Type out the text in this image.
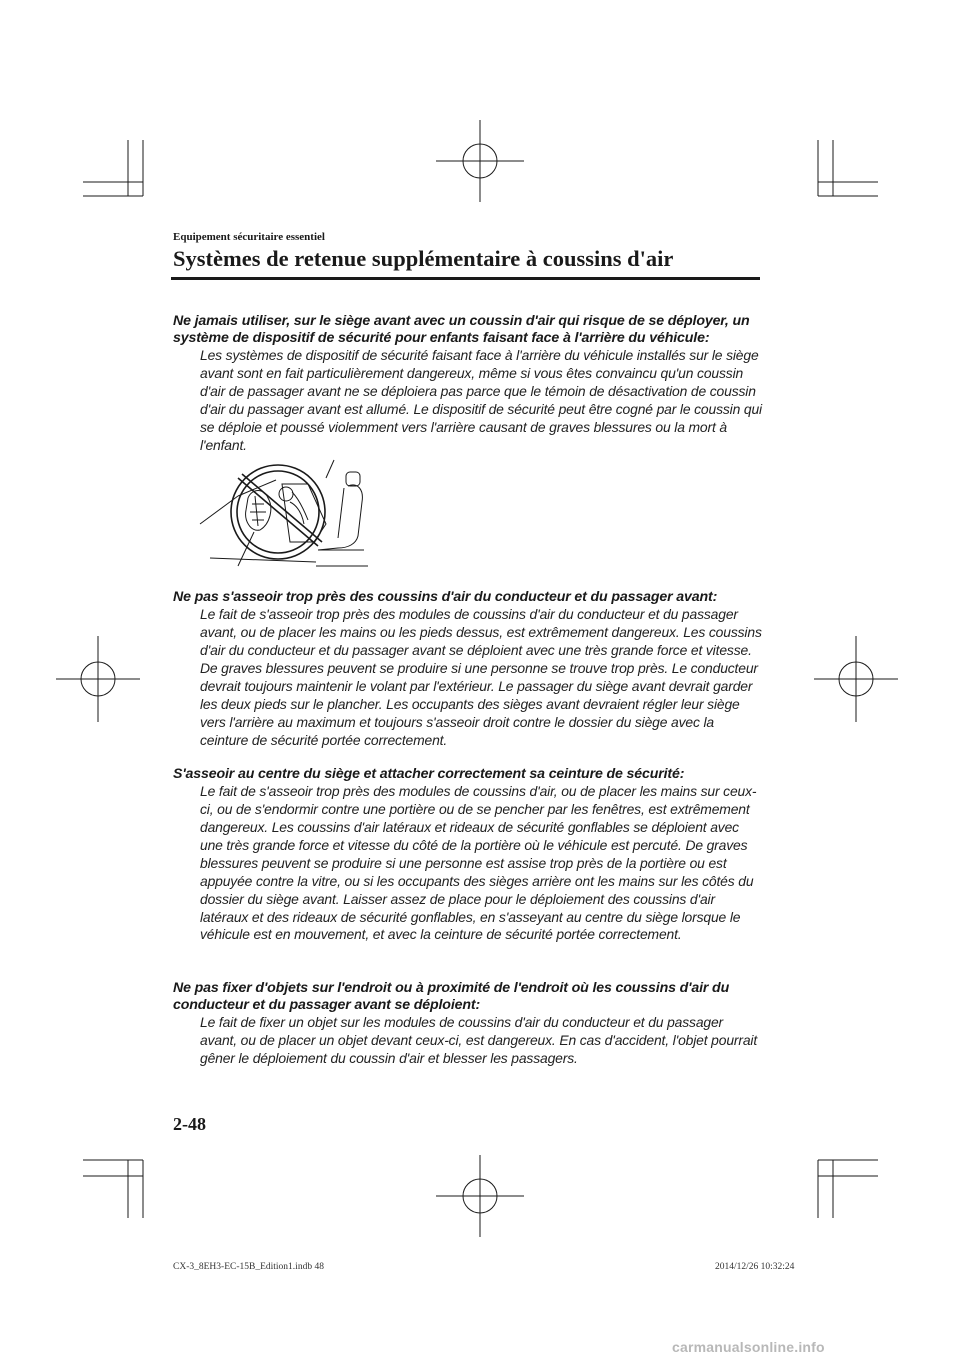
Equipement sécuritaire essentiel
Systèmes de retenue supplémentaire à coussins d'air

Ne jamais utiliser, sur le siège avant avec un coussin d'air qui risque de se déployer, un système de dispositif de sécurité pour enfants faisant face à l'arrière du véhicule:

Les systèmes de dispositif de sécurité faisant face à l'arrière du véhicule installés sur le siège avant sont en fait particulièrement dangereux, même si vous êtes convaincu qu'un coussin d'air de passager avant ne se déploiera pas parce que le témoin de désactivation de coussin d'air du passager avant est allumé. Le dispositif de sécurité peut être cogné par le coussin qui se déploie et poussé violemment vers l'arrière causant de graves blessures ou la mort à l'enfant.

Ne pas s'asseoir trop près des coussins d'air du conducteur et du passager avant:

Le fait de s'asseoir trop près des modules de coussins d'air du conducteur et du passager avant, ou de placer les mains ou les pieds dessus, est extrêmement dangereux. Les coussins d'air du conducteur et du passager avant se déploient avec une très grande force et vitesse. De graves blessures peuvent se produire si une personne se trouve trop près. Le conducteur devrait toujours maintenir le volant par l'extérieur. Le passager du siège avant devrait garder les deux pieds sur le plancher. Les occupants des sièges avant devraient régler leur siège vers l'arrière au maximum et toujours s'asseoir droit contre le dossier du siège avec la ceinture de sécurité portée correctement.

S'asseoir au centre du siège et attacher correctement sa ceinture de sécurité:

Le fait de s'asseoir trop près des modules de coussins d'air, ou de placer les mains sur ceux-ci, ou de s'endormir contre une portière ou de se pencher par les fenêtres, est extrêmement dangereux. Les coussins d'air latéraux et rideaux de sécurité gonflables se déploient avec une très grande force et vitesse du côté de la portière où le véhicule est percuté. De graves blessures peuvent se produire si une personne est assise trop près de la portière ou est appuyée contre la vitre, ou si les occupants des sièges arrière ont les mains sur les côtés du dossier du siège avant. Laisser assez de place pour le déploiement des coussins d'air latéraux et des rideaux de sécurité gonflables, en s'asseyant au centre du siège lorsque le véhicule est en mouvement, et avec la ceinture de sécurité portée correctement.

Ne pas fixer d'objets sur l'endroit ou à proximité de l'endroit où les coussins d'air du conducteur et du passager avant se déploient:

Le fait de fixer un objet sur les modules de coussins d'air du conducteur et du passager avant, ou de placer un objet devant ceux-ci, est dangereux. En cas d'accident, l'objet pourrait gêner le déploiement du coussin d'air et blesser les passagers.

2-48
CX-3_8EH3-EC-15B_Edition1.indb 48	2014/12/26 10:32:24
carmanualsonline.info
